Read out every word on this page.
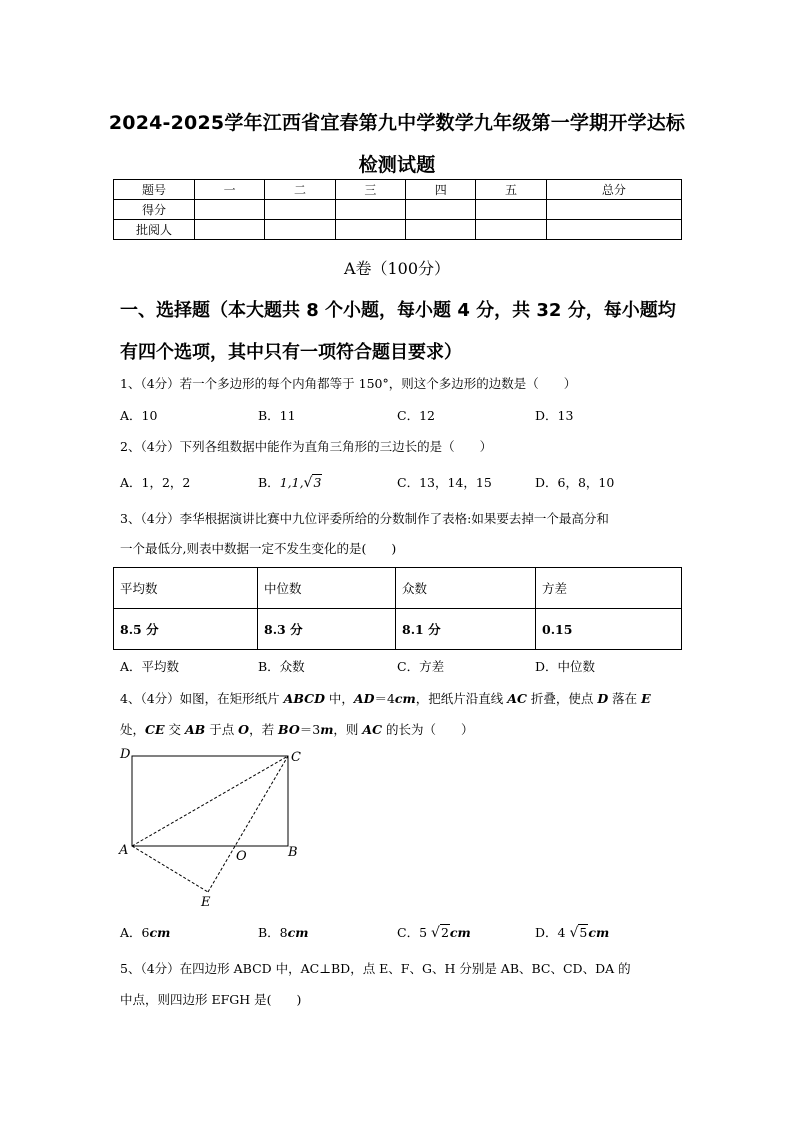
2024-2025学年江西省宜春第九中学数学九年级第一学期开学达标
检测试题
题号	一	二	三	四	五	总分
得分						
批阅人						
A卷（100分）
一、选择题（本大题共 8 个小题，每小题 4 分，共 32 分，每小题均
有四个选项，其中只有一项符合题目要求）
1、（4分）若一个多边形的每个内角都等于 150°，则这个多边形的边数是（　　）
A．10	B．11	C．12	D．13
2、（4分）下列各组数据中能作为直角三角形的三边长的是（　　）
A．1，2，2	B．1,1,√3	C．13，14，15	D．6，8，10
3、（4分）李华根据演讲比赛中九位评委所给的分数制作了表格:如果要去掉一个最高分和
一个最低分,则表中数据一定不发生变化的是(　　)
平均数	中位数	众数	方差
8.5 分	8.3 分	8.1 分	0.15
A．平均数	B．众数	C．方差	D．中位数
4、（4分）如图，在矩形纸片 ABCD 中，AD＝4cm，把纸片沿直线 AC 折叠，使点 D 落在 E
处，CE 交 AB 于点 O，若 BO＝3m，则 AC 的长为（　　）
D	C
A	O	B
E
A．6cm	B．8cm	C．5 √2cm	D．4 √5cm
5、（4分）在四边形 ABCD 中，AC⊥BD，点 E、F、G、H 分别是 AB、BC、CD、DA 的
中点，则四边形 EFGH 是(　　)
